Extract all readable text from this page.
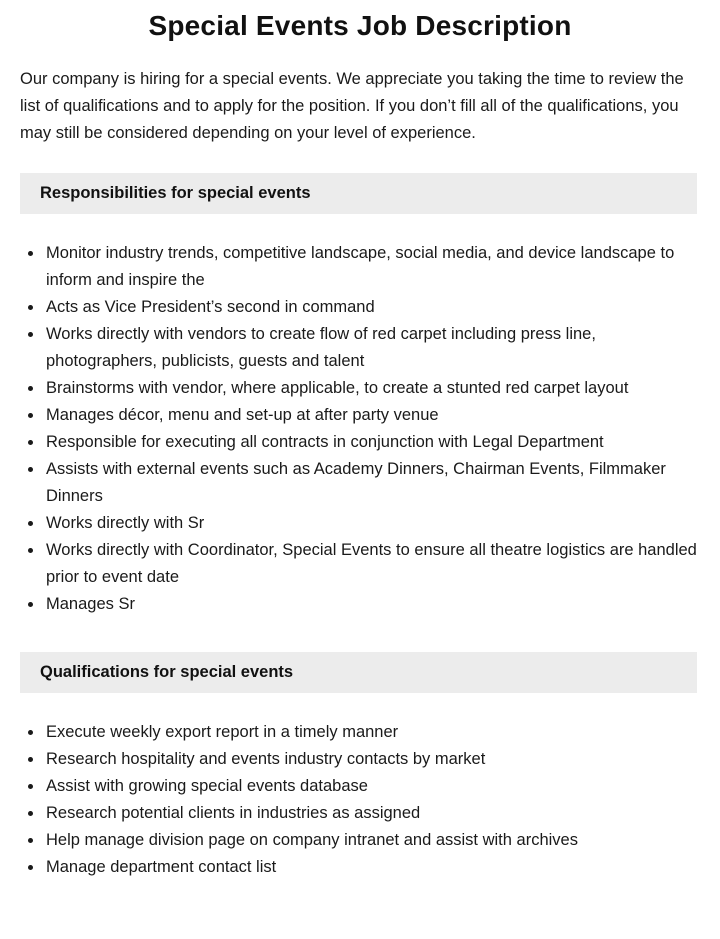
Special Events Job Description

Our company is hiring for a special events. We appreciate you taking the time to review the list of qualifications and to apply for the position. If you don’t fill all of the qualifications, you may still be considered depending on your level of experience.

Responsibilities for special events
• Monitor industry trends, competitive landscape, social media, and device landscape to inform and inspire the
• Acts as Vice President’s second in command
• Works directly with vendors to create flow of red carpet including press line, photographers, publicists, guests and talent
• Brainstorms with vendor, where applicable, to create a stunted red carpet layout
• Manages décor, menu and set-up at after party venue
• Responsible for executing all contracts in conjunction with Legal Department
• Assists with external events such as Academy Dinners, Chairman Events, Filmmaker Dinners
• Works directly with Sr
• Works directly with Coordinator, Special Events to ensure all theatre logistics are handled prior to event date
• Manages Sr
Qualifications for special events
• Execute weekly export report in a timely manner
• Research hospitality and events industry contacts by market
• Assist with growing special events database
• Research potential clients in industries as assigned
• Help manage division page on company intranet and assist with archives
• Manage department contact list
